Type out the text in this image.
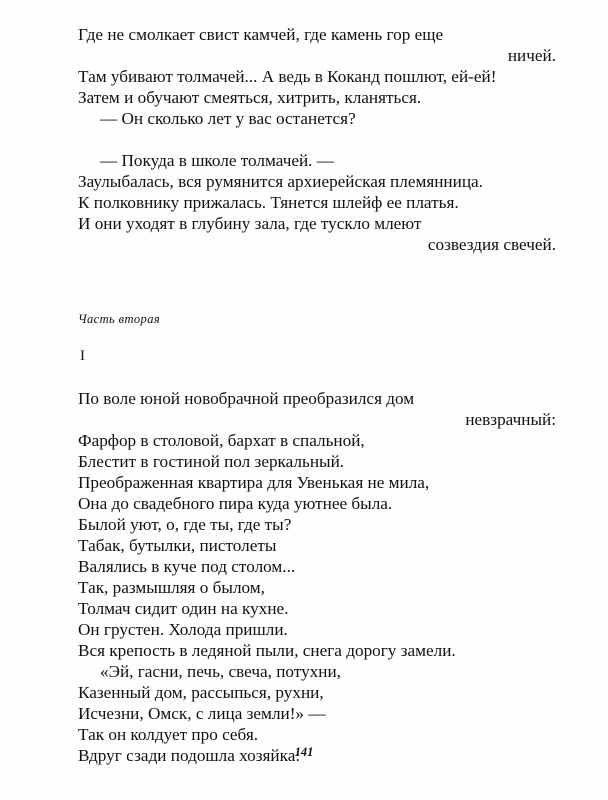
Где не смолкает свист камчей, где камень гор еще
ничей.
Там убивают толмачей... А ведь в Коканд пошлют, ей-ей!
Затем и обучают смеяться, хитрить, кланяться.
— Он сколько лет у вас останется?
— Покуда в школе толмачей. —
Заулыбалась, вся румянится архиерейская племянница.
К полковнику прижалась. Тянется шлейф ее платья.
И они уходят в глубину зала, где тускло млеют
созвездия свечей.
Часть вторая
I
По воле юной новобрачной преобразился дом
невзрачный:
Фарфор в столовой, бархат в спальной,
Блестит в гостиной пол зеркальный.
Преображенная квартира для Увенькая не мила,
Она до свадебного пира куда уютнее была.
Былой уют, о, где ты, где ты?
Табак, бутылки, пистолеты
Валялись в куче под столом...
Так, размышляя о былом,
Толмач сидит один на кухне.
Он грустен. Холода пришли.
Вся крепость в ледяной пыли, снега дорогу замели.
«Эй, гасни, печь, свеча, потухни,
Казенный дом, рассыпься, рухни,
Исчезни, Омск, с лица земли!» —
Так он колдует про себя.
Вдруг сзади подошла хозяйка:
141
